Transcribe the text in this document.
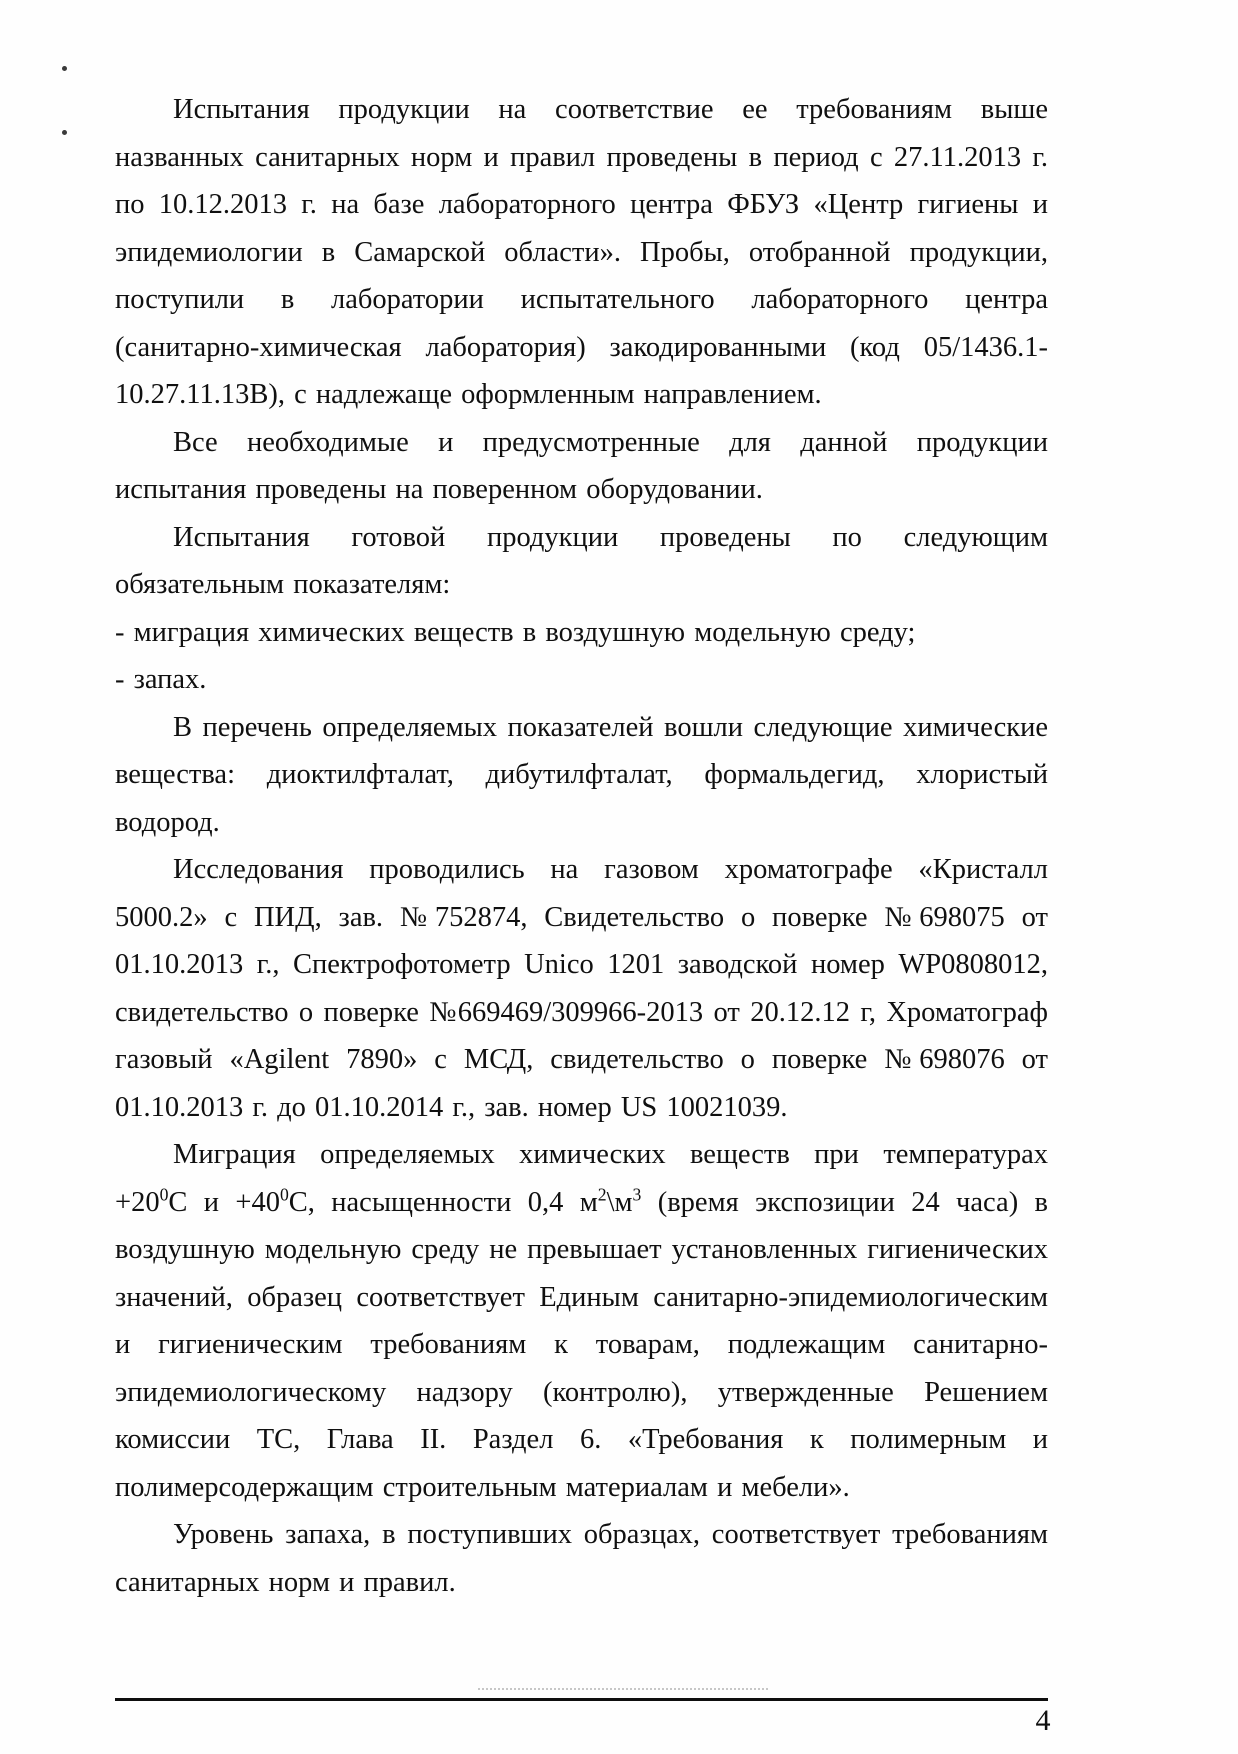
Испытания продукции на соответствие ее требованиям выше названных санитарных норм и правил проведены в период с 27.11.2013 г. по 10.12.2013 г. на базе лабораторного центра ФБУЗ «Центр гигиены и эпидемиологии в Самарской области». Пробы, отобранной продукции, поступили в лаборатории испытательного лабораторного центра (санитарно-химическая лаборатория) закодированными (код 05/1436.1-10.27.11.13В), с надлежаще оформленным направлением.

Все необходимые и предусмотренные для данной продукции испытания проведены на поверенном оборудовании.

Испытания готовой продукции проведены по следующим обязательным показателям:

- миграция химических веществ в воздушную модельную среду;

- запах.

В перечень определяемых показателей вошли следующие химические вещества: диоктилфталат, дибутилфталат, формальдегид, хлористый водород.

Исследования проводились на газовом хроматографе «Кристалл 5000.2» с ПИД, зав. №752874, Свидетельство о поверке №698075 от 01.10.2013 г., Спектрофотометр Unico 1201 заводской номер WP0808012, свидетельство о поверке №669469/309966-2013 от 20.12.12 г, Хроматограф газовый «Agilent 7890» с МСД, свидетельство о поверке №698076 от 01.10.2013 г. до 01.10.2014 г., зав. номер US 10021039.

Миграция определяемых химических веществ при температурах $+20^0С$ $и +40^0С$, насыщенности 0,4 $м^2\backslash м^3$ (время экспозиции 24 часа) в воздушную модельную среду не превышает установленных гигиенических значений, образец соответствует Единым санитарно-эпидемиологическим и гигиеническим требованиям к товарам, подлежащим санитарно-эпидемиологическому надзору (контролю), утвержденные Решением комиссии ТС, Глава II. Раздел 6. «Требования к полимерным и полимерсодержащим строительным материалам и мебели».

Уровень запаха, в поступивших образцах, соответствует требованиям санитарных норм и правил.

4
